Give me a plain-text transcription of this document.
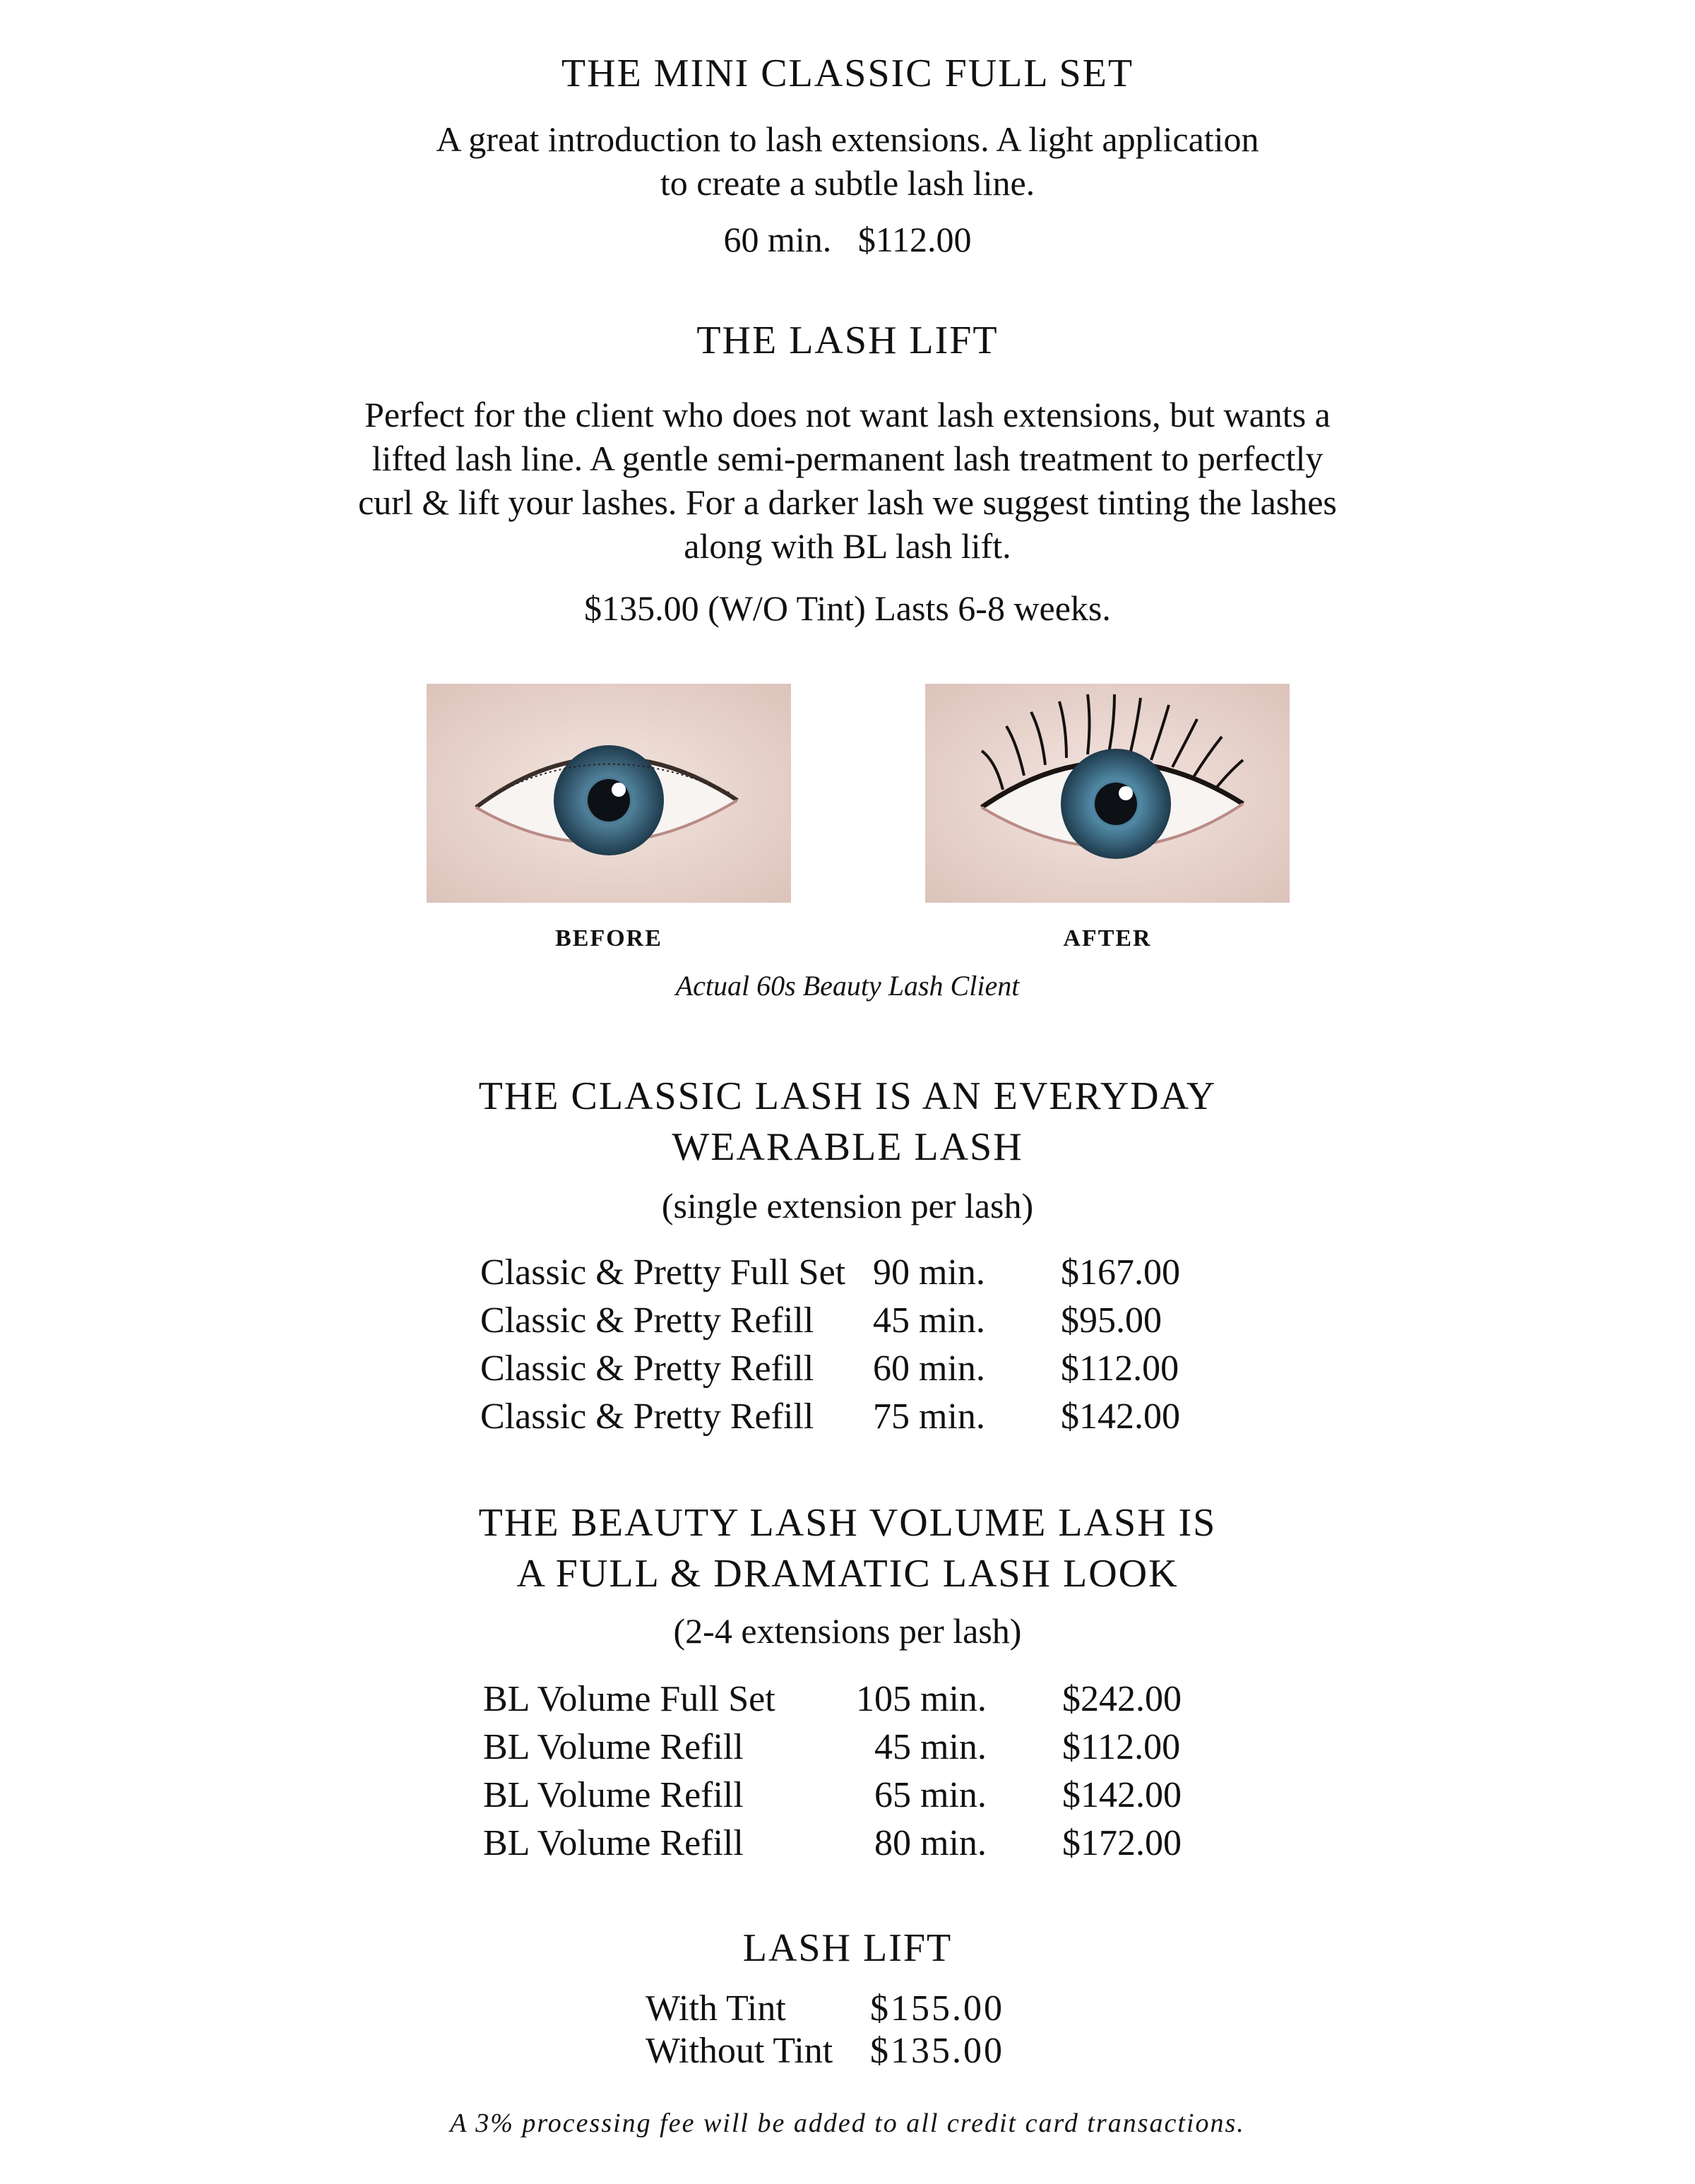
THE MINI CLASSIC FULL SET
A great introduction to lash extensions. A light application
to create a subtle lash line.
60 min. $112.00
THE LASH LIFT
Perfect for the client who does not want lash extensions, but wants a
lifted lash line. A gentle semi-permanent lash treatment to perfectly
curl & lift your lashes. For a darker lash we suggest tinting the lashes
along with BL lash lift.
$135.00 (W/O Tint) Lasts 6-8 weeks.
BEFORE	AFTER
Actual 60s Beauty Lash Client
THE CLASSIC LASH IS AN EVERYDAY
WEARABLE LASH
(single extension per lash)
Classic & Pretty Full Set 90 min. $167.00
Classic & Pretty Refill 45 min. $95.00
Classic & Pretty Refill 60 min. $112.00
Classic & Pretty Refill 75 min. $142.00
THE BEAUTY LASH VOLUME LASH IS
A FULL & DRAMATIC LASH LOOK
(2-4 extensions per lash)
BL Volume Full Set 105 min. $242.00
BL Volume Refill	45 min. $112.00
BL Volume Refill	65 min. $142.00
BL Volume Refill	80 min. $172.00
LASH LIFT
With Tint $155.00
Without Tint $135.00
A 3% processing fee will be added to all credit card transactions.
